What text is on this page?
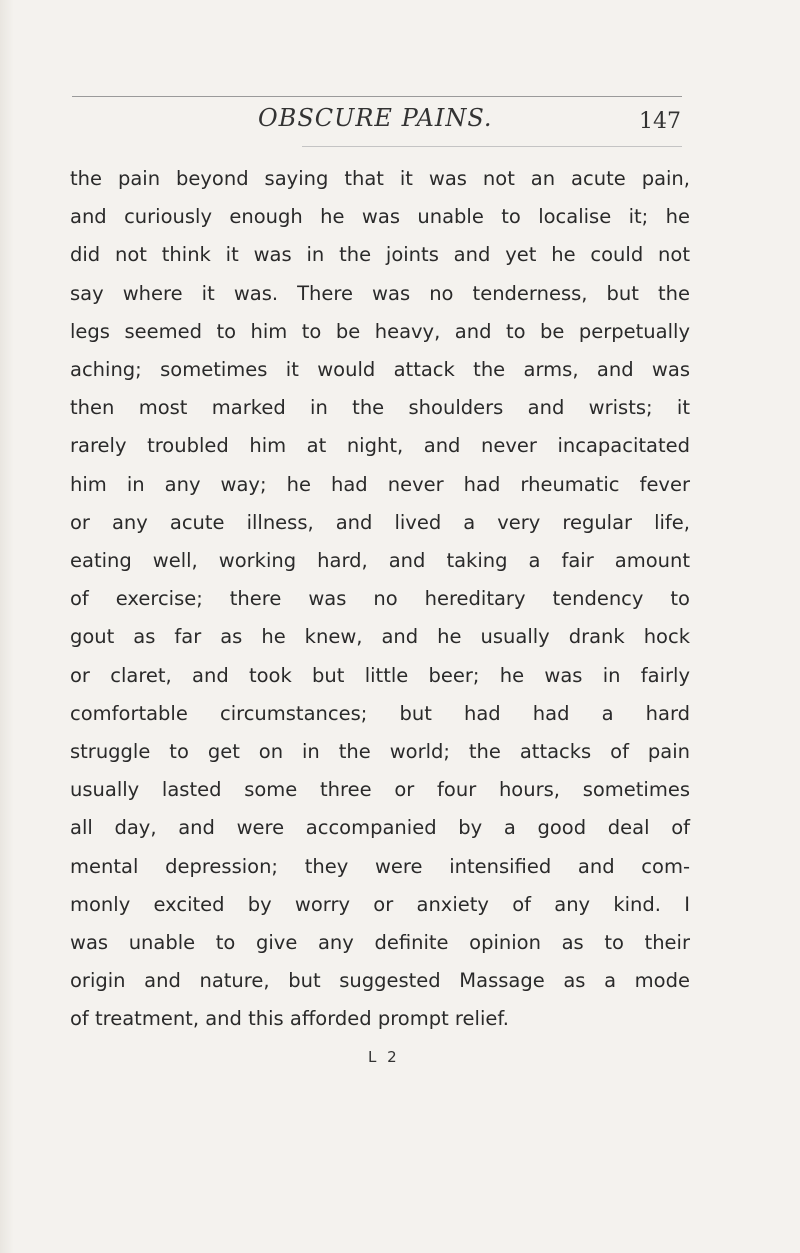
OBSCURE PAINS.	147
the pain beyond saying that it was not an acute pain,
and curiously enough he was unable to localise it; he
did not think it was in the joints and yet he could not
say where it was. There was no tenderness, but the
legs seemed to him to be heavy, and to be perpetually
aching; sometimes it would attack the arms, and was
then most marked in the shoulders and wrists; it
rarely troubled him at night, and never incapacitated
him in any way; he had never had rheumatic fever
or any acute illness, and lived a very regular life,
eating well, working hard, and taking a fair amount
of exercise; there was no hereditary tendency to
gout as far as he knew, and he usually drank hock
or claret, and took but little beer; he was in fairly
comfortable circumstances; but had had a hard
struggle to get on in the world; the attacks of pain
usually lasted some three or four hours, sometimes
all day, and were accompanied by a good deal of
mental depression; they were intensified and com-
monly excited by worry or anxiety of any kind. I
was unable to give any definite opinion as to their
origin and nature, but suggested Massage as a mode
of treatment, and this afforded prompt relief.
L 2
